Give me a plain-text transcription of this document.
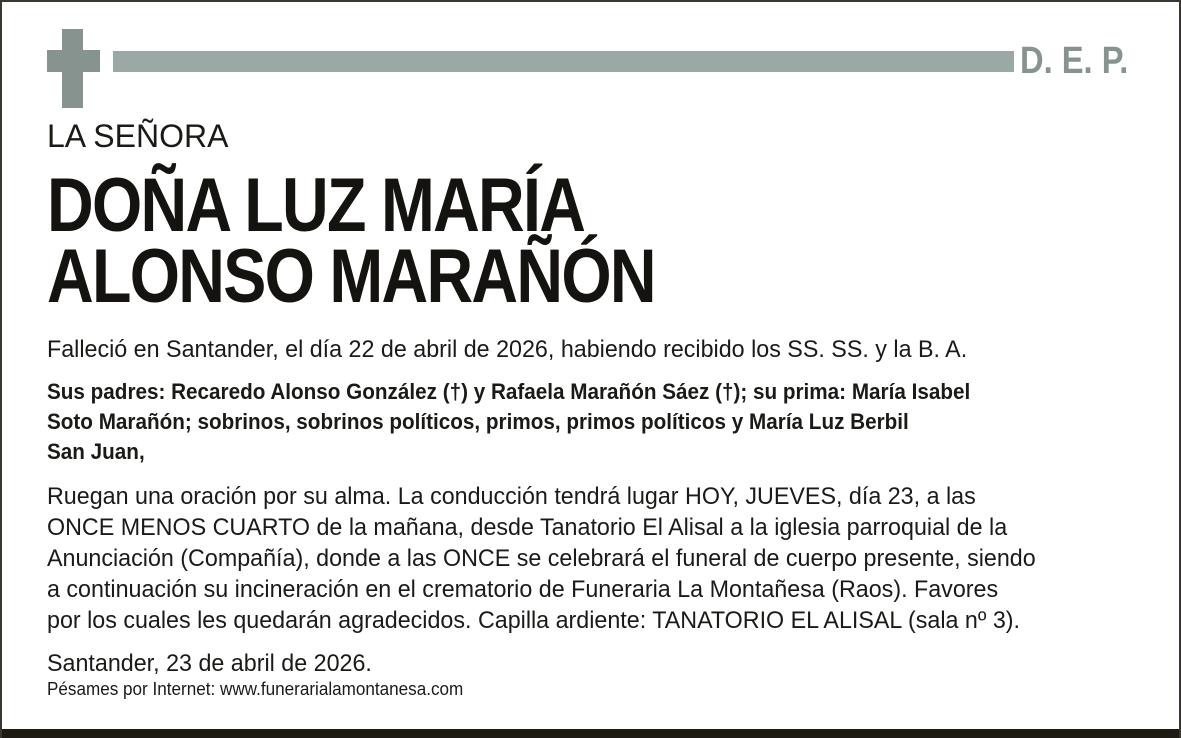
D. E. P.
LA SEÑORA
DOÑA LUZ MARÍA
ALONSO MARAÑÓN
Falleció en Santander, el día 22 de abril de 2026, habiendo recibido los SS. SS. y la B. A.
Sus padres: Recaredo Alonso González (†) y Rafaela Marañón Sáez (†); su prima: María Isabel
Soto Marañón; sobrinos, sobrinos políticos, primos, primos políticos y María Luz Berbil
San Juan,
Ruegan una oración por su alma. La conducción tendrá lugar HOY, JUEVES, día 23, a las
ONCE MENOS CUARTO de la mañana, desde Tanatorio El Alisal a la iglesia parroquial de la
Anunciación (Compañía), donde a las ONCE se celebrará el funeral de cuerpo presente, siendo
a continuación su incineración en el crematorio de Funeraria La Montañesa (Raos). Favores
por los cuales les quedarán agradecidos. Capilla ardiente: TANATORIO EL ALISAL (sala nº 3).
Santander, 23 de abril de 2026.
Pésames por Internet: www.funerarialamontanesa.com
